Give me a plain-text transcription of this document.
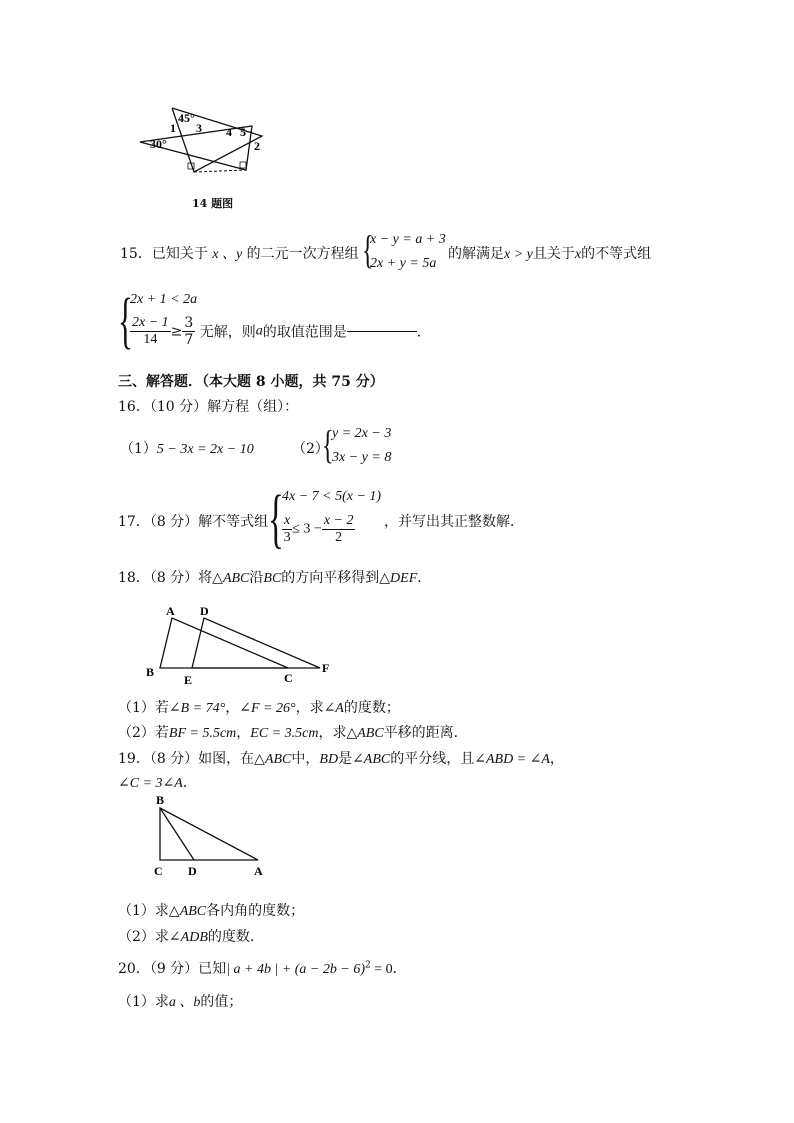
45°
30°
1 3 4 5
2
14 题图
15．已知关于 x 、y 的二元一次方程组 {
x − y = a + 3
2x + y = 5a
的解满足x > y且关于x的不等式组
{
2x + 1 < 2a
$\frac{2x - 1}{14} \ge \frac{3}{7}$ 无解，则a的取值范围是	．
三、解答题．（本大题 8 小题，共 75 分）
16．（10 分）解方程（组）：
（1）5 − 3x = 2x − 10	（2）
{
y = 2x − 3
3x − y = 8
17．（8 分）解不等式组 {
4x − 7 < 5(x − 1)
$\frac{x}{3} \le 3 - \frac{x - 2}{2}$ ，并写出其正整数解．
18．（8 分）将△ABC沿BC的方向平移得到△DEF．
A D
B
E	C
F
（1）若∠B = 74°，∠F = 26°，求∠A的度数；
（2）若BF = 5.5cm，EC = 3.5cm，求△ABC平移的距离．
19．（8 分）如图，在△ABC中，BD是∠ABC的平分线，且∠ABD = ∠A，
∠C = 3∠A．
B
C D	A
（1）求△ABC各内角的度数；
（2）求∠ADB的度数．
20．（9 分）已知| a + 4b | + $(a - 2b - 6)^2 = 0$．
（1）求a 、b的值；
